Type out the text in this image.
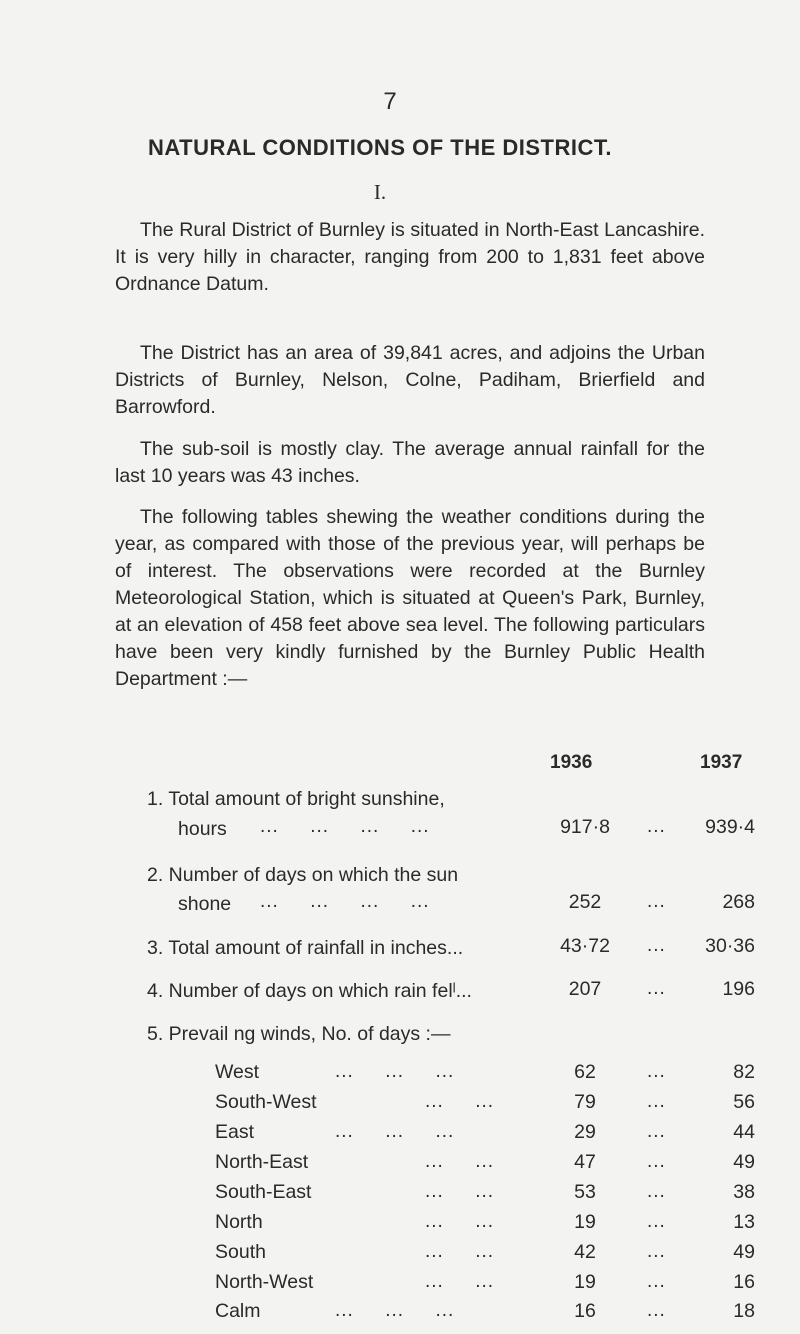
7
NATURAL CONDITIONS OF THE DISTRICT.
I.
The Rural District of Burnley is situated in North-East Lancashire. It is very hilly in character, ranging from 200 to 1,831 feet above Ordnance Datum.
The District has an area of 39,841 acres, and adjoins the Urban Districts of Burnley, Nelson, Colne, Padiham, Brierfield and Barrowford.
The sub-soil is mostly clay. The average annual rainfall for the last 10 years was 43 inches.
The following tables shewing the weather conditions during the year, as compared with those of the previous year, will perhaps be of interest. The observations were recorded at the Burnley Meteorological Station, which is situated at Queen's Park, Burnley, at an elevation of 458 feet above sea level. The following particulars have been very kindly furnished by the Burnley Public Health Department :—
1936	1937
1. Total amount of bright sunshine,
hours ...     ...     ...     ...	917·8	...	939·4
2. Number of days on which the sun
shone ...     ...     ...     ...	252	...	268
3. Total amount of rainfall in inches...	43·72	...	30·36
4. Number of days on which rain felˡ...	207	...	196
5. Prevail ng winds, No. of days :—
West	...     ...     ...	62	...	82
South-West	...     ...	79	...	56
East	...     ...     ...	29	...	44
North-East	...     ...	47	...	49
South-East	...     ...	53	...	38
North	...     ...	19	...	13
South	...     ...	42	...	49
North-West	...     ...	19	...	16
Calm	...     ...     ...	16	...	18
